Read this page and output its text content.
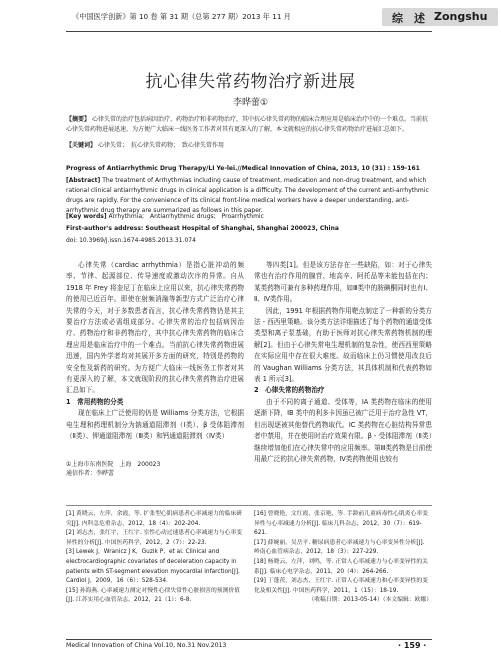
《中国医学创新》第 10 卷 第 31 期（总第 277 期）2013 年 11 月	综　述 Zongshu
抗心律失常药物治疗新进展
李晔蕾①
【摘要】 心律失常的治疗包括病因治疗、药物治疗和非药物治疗，其中抗心律失常药物的临床合理应用是临床治疗中的一个难点。当前抗心律失常药物进展迅速，为方便广大临床一线医务工作者对其有更深入的了解，本文就相应的抗心律失常药物治疗进展汇总如下。
【关键词】 心律失常；　抗心律失常药物；　致心律失常作用
Progress of Antiarrhythmic Drug Therapy/LI Ye-lei.//Medical Innovation of China, 2013, 10 (31) : 159-161
[Abstract] The treatment of Arrhythmias including cause of treatment, medication and non-drug treatment, and which rational clinical antiarrhythmic drugs in clinical application is a difficulty. The development of the current anti-arrhythmic drugs are rapidly. For the convenience of its clinical front-line medical workers have a deeper understanding, anti-arrhythmic drug therapy are summarized as follows in this paper.
[Key words] Arrhythmia;　Antiarrhythmic drugs;　Proarrhythmic
First-author's address: Southeast Hospital of Shanghai, Shanghai 200023, China
doi: 10.3969/j.issn.1674-4985.2013.31.074

心律失常（cardiac arrhythmia）是指心脏冲动的频率、节律、起源部位、传导速度或激动次序的异常。自从 1918 年 Frey 将奎尼丁在临床上应用以来，抗心律失常药物的使用已近百年。即使在射频消融等新型方式广泛治疗心律失常的今天，对于多数患者而言，抗心律失常药物仍是其主要治疗方法或必需组成部分。心律失常的治疗包括病因治疗、药物治疗和非药物治疗，其中抗心律失常药物的临床合理应用是临床治疗中的一个难点。当前抗心律失常药物进展迅速，国内外学者均对其展开多方面的研究，特别是药物的安全性及新药的研究。为方便广大临床一线医务工作者对其有更深入的了解，本文就现阶段的抗心律失常药物治疗进展汇总如下。

1　常用药物的分类

现在临床上广泛使用的仍是 Williams 分类方法，它根据电生理和药理机制分为钠通道阻滞剂（Ⅰ类）、β 受体阻滞剂（Ⅱ类）、钾通道阻滞剂（Ⅲ类）和钙通道阻滞剂（Ⅳ类）

等四类[1]。但是该方法存在一些缺陷，如：对于心律失常也有治疗作用的腺苷、地高辛、阿托品等未能包括在内；某类药物可兼有多种药理作用，如Ⅲ类中的胺碘酮同时也有Ⅰ、Ⅱ、Ⅳ类作用。

因此，1991 年根据药物作用靶点制定了一种新的分类方法 - 西西里策略。该分类方法详细描述了每个药物的通道受体类型和离子泵基础，有助于医师对抗心律失常药物机制的理解[2]。但由于心律失常电生理机制的复杂性，使西西里策略在实际应用中存在很大难度。故而临床上仍习惯使用改良后的 Vaughan Williams 分类方法，其具体机制和代表药物如表 1 所示[3]。

2　心律失常的药物治疗

由于不同的离子通道、受体等，IA 类药物在临床的使用逐渐下降，IB 类中的利多卡因虽已被广泛用于治疗急性 VT，但出现逐被其他替代药物取代。IC 类药物在心脏结构异常患者中禁用，并在使用时治疗效果有限。β - 受体阻滞剂（Ⅱ类）继续增加他们在心律失常中的应用频率。第Ⅲ类药物是目前使用最广泛的抗心律失常药物，Ⅳ类药物使用也较有

①上海市东南医院　上海　200023
通信作者：李晔蕾
[1] 黄晓云，左萍，余霞，等. 扩张型心肌病患者心率减速力的临床研究[J]. 内科急危重杂志，2012，18（4）：202-204.
[2] 刘志杰，张红宇，王红宇. 室性心动过速患者心率减速力与心率变异性的分析[J]. 中国医药科学，2012，2（7）：22-23.
[3] Lewek J，Wranicz J K，Guzik P，et al. Clinical and electrocardiographic covariates of deceleration capacity in patients with ST-segment elevation myocardial infarction[J]. Cardiol J，2009，16（6）：528-534.
[15] 孙海燕. 心率减速力测定对慢性心律失常性心脏损害的预测价值[J]. 江苏实用心血管杂志，2012，21（1）：6-8.
[16] 曾晓艳，文红霞，张京艳，等. 手龄前儿童病毒性心肌炎心率变异性与心率减速力分析[J]. 临床儿科杂志，2012，30（7）：619-621.
[17] 薛婉丽，吴岳平. 糖尿病患者心率减速力与心率变异性分析[J]. 岭南心血管病杂志，2012，18（3）：227-229.
[18] 杨晓云，左萍，刘鸣，等. 正常人心率减速力与心率变异性的关系[J]. 临床心电学杂志，2011，20（4）：264-266.
[19] 丁蓬茨，刘志杰，王红宇. 正常人心率减速力和心率变异性的变化及相关性[J]. 中国医药科学，2011，1（15）：18-19.
（收稿日期：2013-05-14）（本文编辑：欧娜）
Medical Innovation of China Vol.10, No.31 Nov.2013	· 159 ·
